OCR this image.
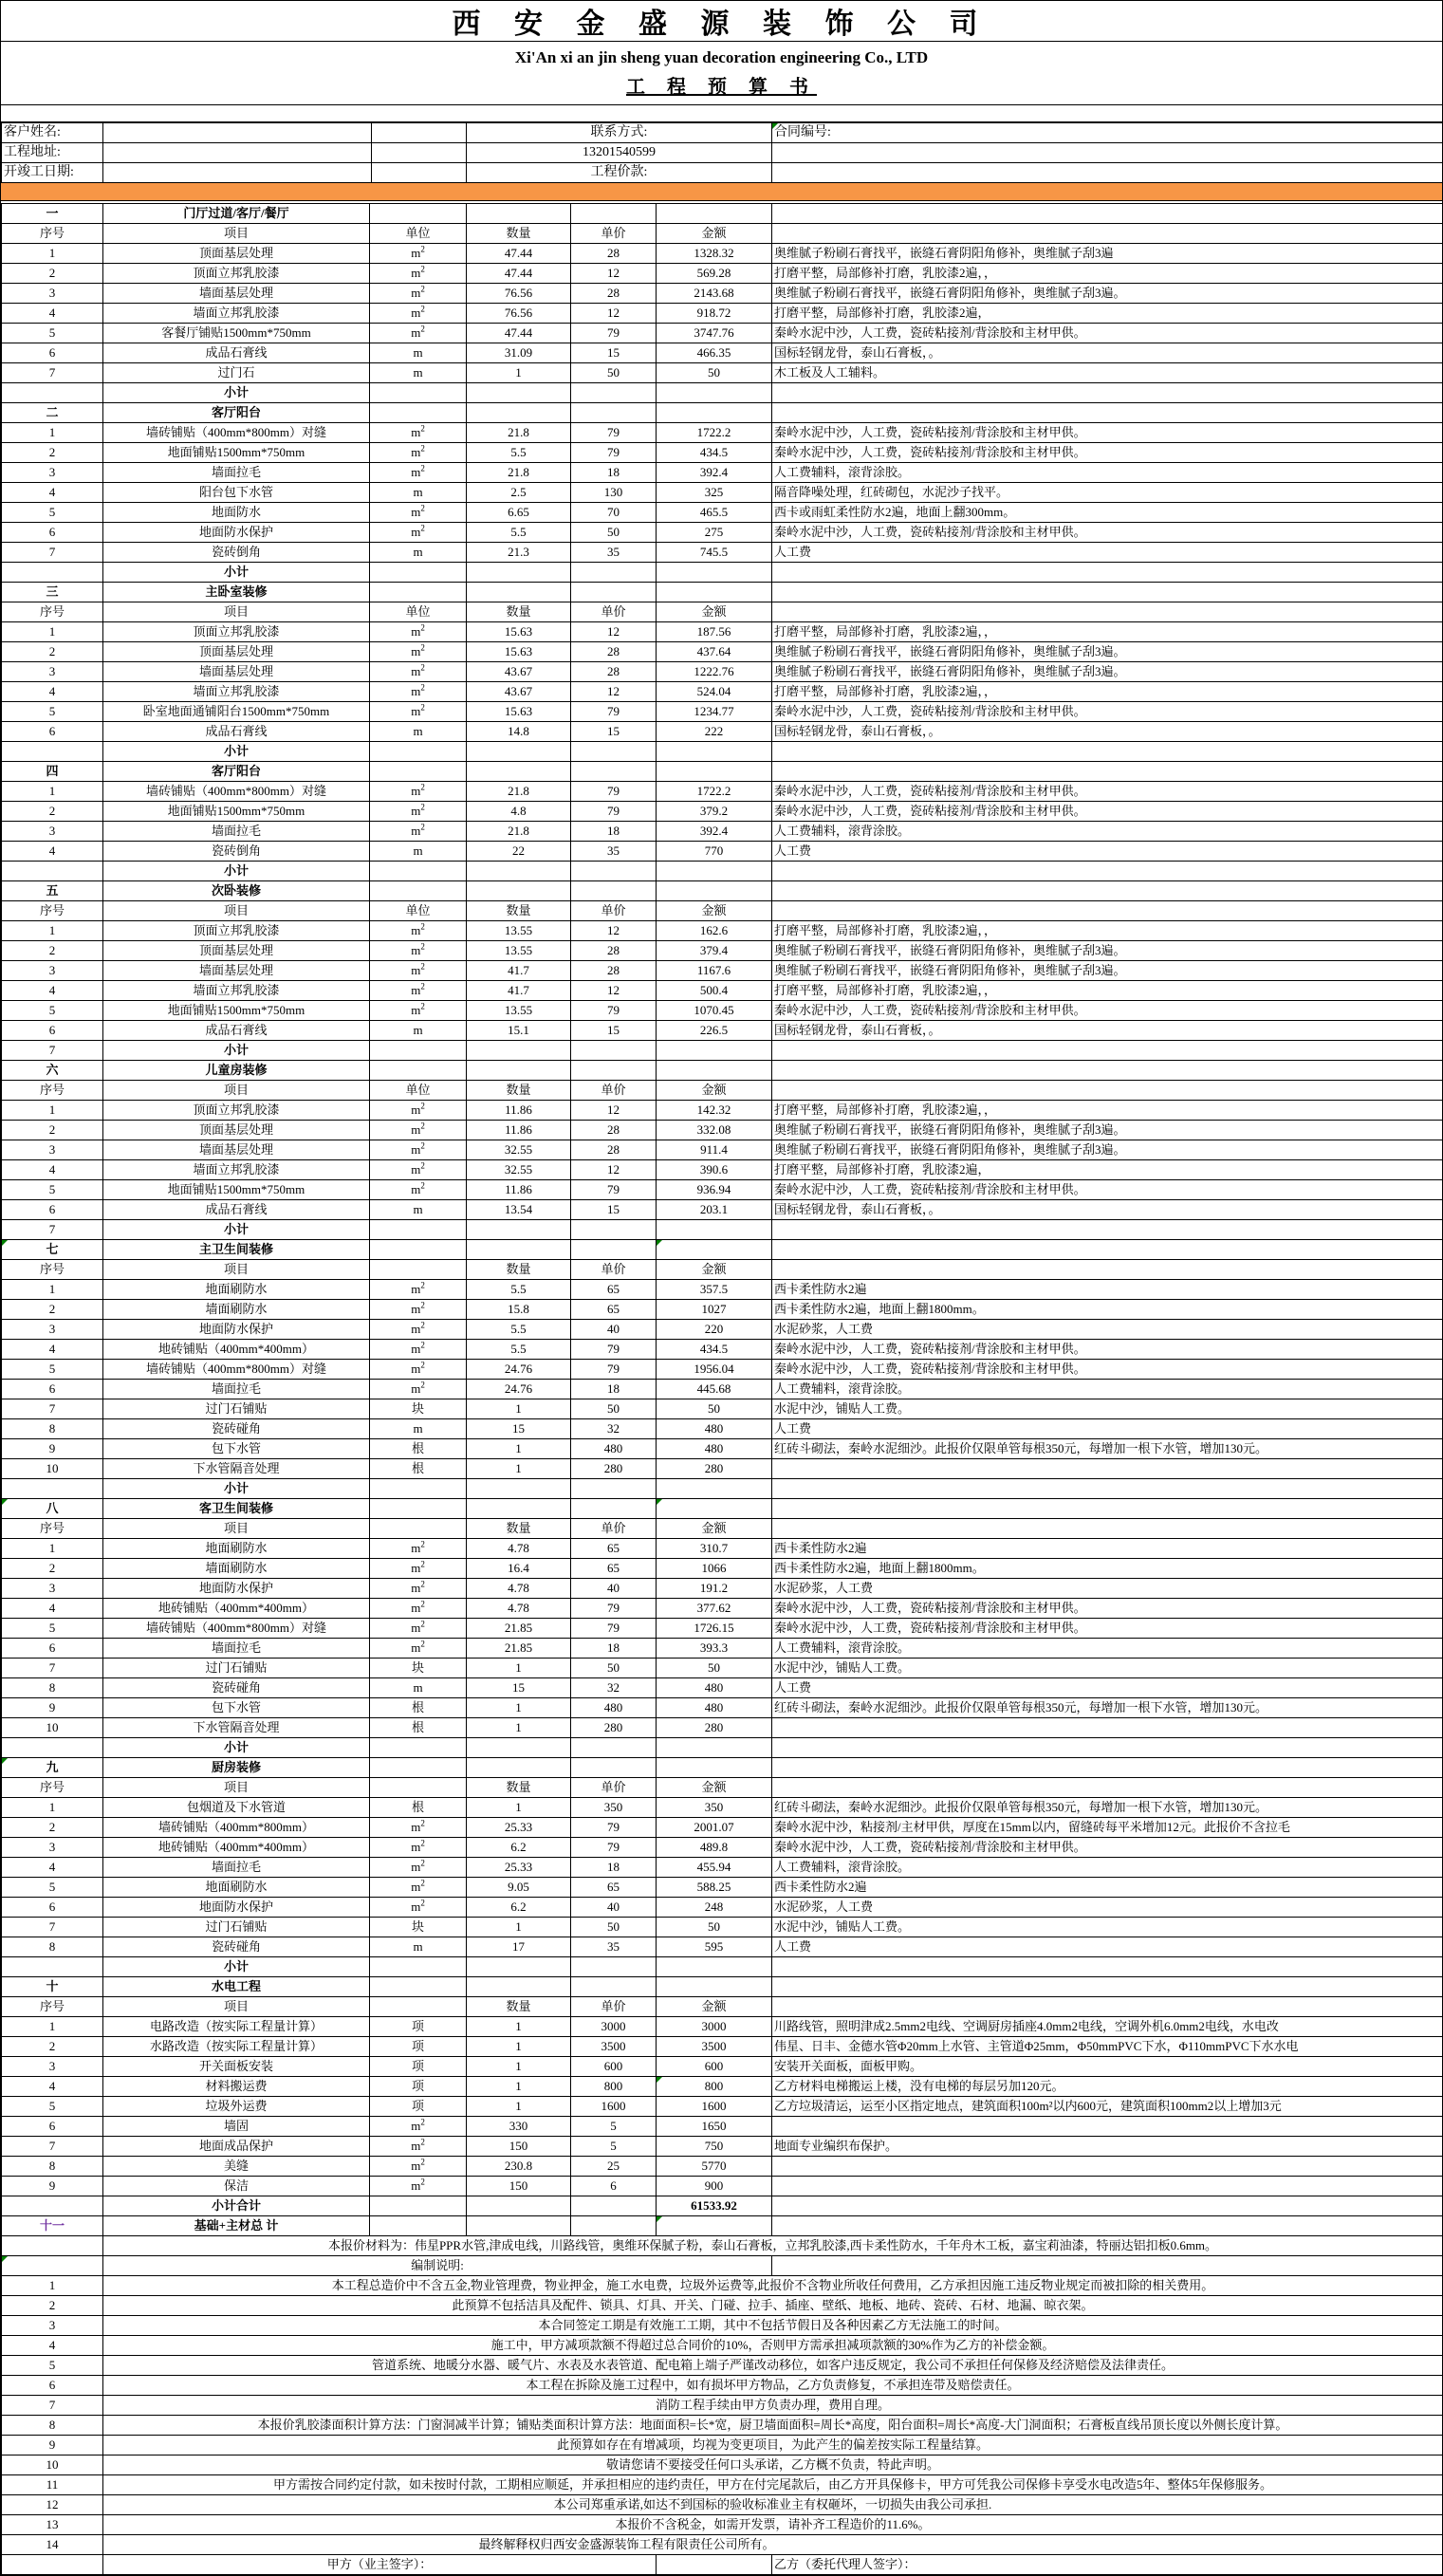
西 安 金 盛 源 装 饰 公 司
Xi'An xi an jin sheng yuan decoration engineering Co., LTD
工 程 预 算 书
客户姓名:			联系方式:	合同编号:
工程地址:			13201540599	
开竣工日期:			工程价款:	
一	门厅过道/客厅/餐厅					
序号	项目	单位	数量	单价	金额	
1	顶面基层处理	$m^2$	47.44	28	1328.32	奥维腻子粉刷石膏找平，嵌缝石膏阴阳角修补，奥维腻子刮3遍
2	顶面立邦乳胶漆	$m^2$	47.44	12	569.28	打磨平整，局部修补打磨，乳胶漆2遍，，
3	墙面基层处理	$m^2$	76.56	28	2143.68	奥维腻子粉刷石膏找平，嵌缝石膏阴阳角修补，奥维腻子刮3遍。
4	墙面立邦乳胶漆	$m^2$	76.56	12	918.72	打磨平整，局部修补打磨，乳胶漆2遍，
5	客餐厅铺贴1500mm*750mm	$m^2$	47.44	79	3747.76	秦岭水泥中沙，人工费，瓷砖粘接剂/背涂胶和主材甲供。
6	成品石膏线	m	31.09	15	466.35	国标轻钢龙骨，泰山石膏板，。
7	过门石	m	1	50	50	木工板及人工辅料。
	小计					
二	客厅阳台					
1	墙砖铺贴（400mm*800mm）对缝	$m^2$	21.8	79	1722.2	秦岭水泥中沙，人工费，瓷砖粘接剂/背涂胶和主材甲供。
2	地面铺贴1500mm*750mm	$m^2$	5.5	79	434.5	秦岭水泥中沙，人工费，瓷砖粘接剂/背涂胶和主材甲供。
3	墙面拉毛	$m^2$	21.8	18	392.4	人工费辅料，滚背涂胶。
4	阳台包下水管	m	2.5	130	325	隔音降噪处理，红砖砌包，水泥沙子找平。
5	地面防水	$m^2$	6.65	70	465.5	西卡或雨虹柔性防水2遍，地面上翻300mm。
6	地面防水保护	$m^2$	5.5	50	275	秦岭水泥中沙，人工费，瓷砖粘接剂/背涂胶和主材甲供。
7	瓷砖倒角	m	21.3	35	745.5	人工费
	小计					
三	主卧室装修					
序号	项目	单位	数量	单价	金额	
1	顶面立邦乳胶漆	$m^2$	15.63	12	187.56	打磨平整，局部修补打磨，乳胶漆2遍，，
2	顶面基层处理	$m^2$	15.63	28	437.64	奥维腻子粉刷石膏找平，嵌缝石膏阴阳角修补，奥维腻子刮3遍。
3	墙面基层处理	$m^2$	43.67	28	1222.76	奥维腻子粉刷石膏找平，嵌缝石膏阴阳角修补，奥维腻子刮3遍。
4	墙面立邦乳胶漆	$m^2$	43.67	12	524.04	打磨平整，局部修补打磨，乳胶漆2遍，，
5	卧室地面通铺阳台1500mm*750mm	$m^2$	15.63	79	1234.77	秦岭水泥中沙，人工费，瓷砖粘接剂/背涂胶和主材甲供。
6	成品石膏线	m	14.8	15	222	国标轻钢龙骨，泰山石膏板，。
	小计					
四	客厅阳台					
1	墙砖铺贴（400mm*800mm）对缝	$m^2$	21.8	79	1722.2	秦岭水泥中沙，人工费，瓷砖粘接剂/背涂胶和主材甲供。
2	地面铺贴1500mm*750mm	$m^2$	4.8	79	379.2	秦岭水泥中沙，人工费，瓷砖粘接剂/背涂胶和主材甲供。
3	墙面拉毛	$m^2$	21.8	18	392.4	人工费辅料，滚背涂胶。
4	瓷砖倒角	m	22	35	770	人工费
	小计					
五	次卧装修					
序号	项目	单位	数量	单价	金额	
1	顶面立邦乳胶漆	$m^2$	13.55	12	162.6	打磨平整，局部修补打磨，乳胶漆2遍，，
2	顶面基层处理	$m^2$	13.55	28	379.4	奥维腻子粉刷石膏找平，嵌缝石膏阴阳角修补，奥维腻子刮3遍。
3	墙面基层处理	$m^2$	41.7	28	1167.6	奥维腻子粉刷石膏找平，嵌缝石膏阴阳角修补，奥维腻子刮3遍。
4	墙面立邦乳胶漆	$m^2$	41.7	12	500.4	打磨平整，局部修补打磨，乳胶漆2遍，，
5	地面铺贴1500mm*750mm	$m^2$	13.55	79	1070.45	秦岭水泥中沙，人工费，瓷砖粘接剂/背涂胶和主材甲供。
6	成品石膏线	m	15.1	15	226.5	国标轻钢龙骨，泰山石膏板，。
7	小计					
六	儿童房装修					
序号	项目	单位	数量	单价	金额	
1	顶面立邦乳胶漆	$m^2$	11.86	12	142.32	打磨平整，局部修补打磨，乳胶漆2遍，，
2	顶面基层处理	$m^2$	11.86	28	332.08	奥维腻子粉刷石膏找平，嵌缝石膏阴阳角修补，奥维腻子刮3遍。
3	墙面基层处理	$m^2$	32.55	28	911.4	奥维腻子粉刷石膏找平，嵌缝石膏阴阳角修补，奥维腻子刮3遍。
4	墙面立邦乳胶漆	$m^2$	32.55	12	390.6	打磨平整，局部修补打磨，乳胶漆2遍，
5	地面铺贴1500mm*750mm	$m^2$	11.86	79	936.94	秦岭水泥中沙，人工费，瓷砖粘接剂/背涂胶和主材甲供。
6	成品石膏线	m	13.54	15	203.1	国标轻钢龙骨，泰山石膏板，。
7	小计					
七	主卫生间装修					
序号	项目		数量	单价	金额	
1	地面刷防水	$m^2$	5.5	65	357.5	西卡柔性防水2遍
2	墙面刷防水	$m^2$	15.8	65	1027	西卡柔性防水2遍，地面上翻1800mm。
3	地面防水保护	$m^2$	5.5	40	220	水泥砂浆，人工费
4	地砖铺贴（400mm*400mm）	$m^2$	5.5	79	434.5	秦岭水泥中沙，人工费，瓷砖粘接剂/背涂胶和主材甲供。
5	墙砖铺贴（400mm*800mm）对缝	$m^2$	24.76	79	1956.04	秦岭水泥中沙，人工费，瓷砖粘接剂/背涂胶和主材甲供。
6	墙面拉毛	$m^2$	24.76	18	445.68	人工费辅料，滚背涂胶。
7	过门石铺贴	块	1	50	50	水泥中沙，铺贴人工费。
8	瓷砖碰角	m	15	32	480	人工费
9	包下水管	根	1	480	480	红砖斗砌法，秦岭水泥细沙。此报价仅限单管每根350元，每增加一根下水管，增加130元。
10	下水管隔音处理	根	1	280	280	
	小计					
八	客卫生间装修					
序号	项目		数量	单价	金额	
1	地面刷防水	$m^2$	4.78	65	310.7	西卡柔性防水2遍
2	墙面刷防水	$m^2$	16.4	65	1066	西卡柔性防水2遍，地面上翻1800mm。
3	地面防水保护	$m^2$	4.78	40	191.2	水泥砂浆，人工费
4	地砖铺贴（400mm*400mm）	$m^2$	4.78	79	377.62	秦岭水泥中沙，人工费，瓷砖粘接剂/背涂胶和主材甲供。
5	墙砖铺贴（400mm*800mm）对缝	$m^2$	21.85	79	1726.15	秦岭水泥中沙，人工费，瓷砖粘接剂/背涂胶和主材甲供。
6	墙面拉毛	$m^2$	21.85	18	393.3	人工费辅料，滚背涂胶。
7	过门石铺贴	块	1	50	50	水泥中沙，铺贴人工费。
8	瓷砖碰角	m	15	32	480	人工费
9	包下水管	根	1	480	480	红砖斗砌法，秦岭水泥细沙。此报价仅限单管每根350元，每增加一根下水管，增加130元。
10	下水管隔音处理	根	1	280	280	
	小计					
九	厨房装修					
序号	项目		数量	单价	金额	
1	包烟道及下水管道	根	1	350	350	红砖斗砌法，秦岭水泥细沙。此报价仅限单管每根350元，每增加一根下水管，增加130元。
2	墙砖铺贴（400mm*800mm）	$m^2$	25.33	79	2001.07	秦岭水泥中沙，粘接剂/主材甲供，厚度在15mm以内，留缝砖每平米增加12元。此报价不含拉毛
3	地砖铺贴（400mm*400mm）	$m^2$	6.2	79	489.8	秦岭水泥中沙，人工费，瓷砖粘接剂/背涂胶和主材甲供。
4	墙面拉毛	$m^2$	25.33	18	455.94	人工费辅料，滚背涂胶。
5	地面刷防水	$m^2$	9.05	65	588.25	西卡柔性防水2遍
6	地面防水保护	$m^2$	6.2	40	248	水泥砂浆，人工费
7	过门石铺贴	块	1	50	50	水泥中沙，铺贴人工费。
8	瓷砖碰角	m	17	35	595	人工费
	小计					
十	水电工程					
序号	项目		数量	单价	金额	
1	电路改造（按实际工程量计算）	项	1	3000	3000	川路线管，照明津成2.5mm2电线、空调厨房插座4.0mm2电线，空调外机6.0mm2电线，水电改
2	水路改造（按实际工程量计算）	项	1	3500	3500	伟星、日丰、金德水管Φ20mm上水管、主管道Φ25mm，Φ50mmPVC下水，Φ110mmPVC下水水电
3	开关面板安装	项	1	600	600	安装开关面板，面板甲购。
4	材料搬运费	项	1	800	800	乙方材料电梯搬运上楼，没有电梯的每层另加120元。
5	垃圾外运费	项	1	1600	1600	乙方垃圾清运，运至小区指定地点，建筑面积100m²以内600元，建筑面积100mm2以上增加3元
6	墙固	$m^2$	330	5	1650	
7	地面成品保护	$m^2$	150	5	750	地面专业编织布保护。
8	美缝	$m^2$	230.8	25	5770	
9	保洁	$m^2$	150	6	900	
	小计合计				61533.92	
十一	基础+主材总 计					
	本报价材料为：伟星PPR水管,津成电线，川路线管，奥维环保腻子粉，泰山石膏板，立邦乳胶漆,西卡柔性防水，千年舟木工板，嘉宝莉油漆，特丽达铝扣板0.6mm。					
	编制说明:					
1	本工程总造价中不含五金,物业管理费，物业押金，施工水电费，垃圾外运费等,此报价不含物业所收任何费用，乙方承担因施工违反物业规定而被扣除的相关费用。					
2	此预算不包括洁具及配件、锁具、灯具、开关、门碰、拉手、插座、壁纸、地板、地砖、瓷砖、石材、地漏、晾衣架。					
3	本合同签定工期是有效施工工期，其中不包括节假日及各种因素乙方无法施工的时间。					
4	施工中，甲方减项款额不得超过总合同价的10%，否则甲方需承担减项款额的30%作为乙方的补偿金额。					
5	管道系统、地暖分水器、暖气片、水表及水表管道、配电箱上端子严谨改动移位，如客户违反规定，我公司不承担任何保修及经济赔偿及法律责任。					
6	本工程在拆除及施工过程中，如有损坏甲方物品，乙方负责修复，不承担连带及赔偿责任。					
7	消防工程手续由甲方负责办理，费用自理。					
8	本报价乳胶漆面积计算方法：门窗洞减半计算；铺贴类面积计算方法：地面面积=长*宽，厨卫墙面面积=周长*高度，阳台面积=周长*高度-大门洞面积；石膏板直线吊顶长度以外侧长度计算。					
9	此预算如存在有增减项，均视为变更项目，为此产生的偏差按实际工程量结算。					
10	敬请您请不要接受任何口头承诺，乙方概不负责，特此声明。					
11	甲方需按合同约定付款，如未按时付款，工期相应顺延，并承担相应的违约责任，甲方在付完尾款后，由乙方开具保修卡，甲方可凭我公司保修卡享受水电改造5年、整体5年保修服务。					
12	本公司郑重承诺,如达不到国标的验收标准业主有权砸坏，一切损失由我公司承担.					
13	本报价不含税金，如需开发票，请补齐工程造价的11.6%。					
14	最终解释权归西安金盛源装饰工程有限责任公司所有。					
	甲方（业主签字）：					乙方（委托代理人签字）：
